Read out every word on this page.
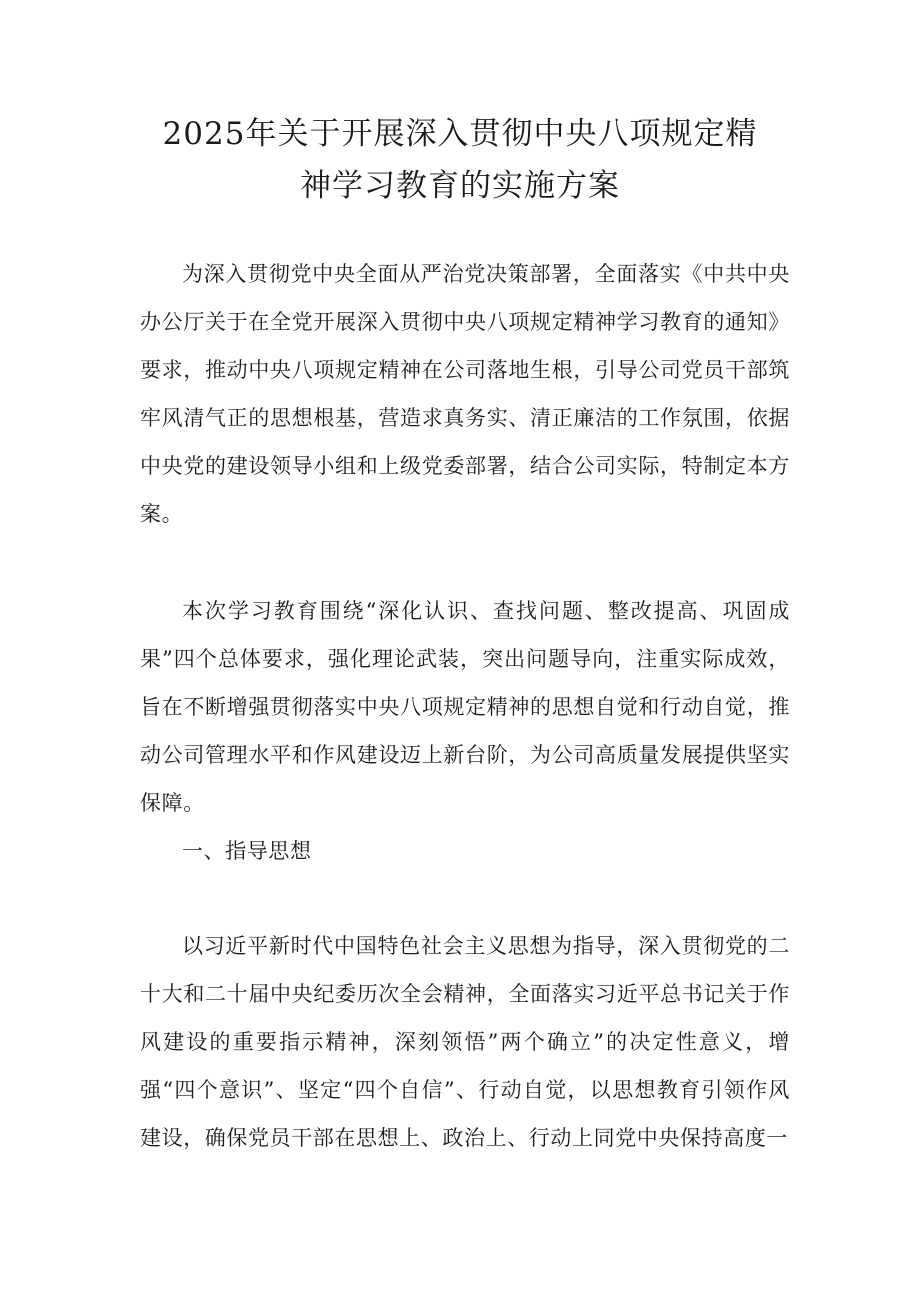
2025年关于开展深入贯彻中央八项规定精
神学习教育的实施方案

为深入贯彻党中央全面从严治党决策部署，全面落实《中共中央办公厅关于在全党开展深入贯彻中央八项规定精神学习教育的通知》要求，推动中央八项规定精神在公司落地生根，引导公司党员干部筑牢风清气正的思想根基，营造求真务实、清正廉洁的工作氛围，依据中央党的建设领导小组和上级党委部署，结合公司实际，特制定本方案。

本次学习教育围绕“深化认识、查找问题、整改提高、巩固成果”四个总体要求，强化理论武装，突出问题导向，注重实际成效，旨在不断增强贯彻落实中央八项规定精神的思想自觉和行动自觉，推动公司管理水平和作风建设迈上新台阶，为公司高质量发展提供坚实保障。

一、指导思想

以习近平新时代中国特色社会主义思想为指导，深入贯彻党的二十大和二十届中央纪委历次全会精神，全面落实习近平总书记关于作风建设的重要指示精神，深刻领悟”两个确立”的决定性意义，增强“四个意识”、坚定“四个自信”、行动自觉，以思想教育引领作风建设，确保党员干部在思想上、政治上、行动上同党中央保持高度一
